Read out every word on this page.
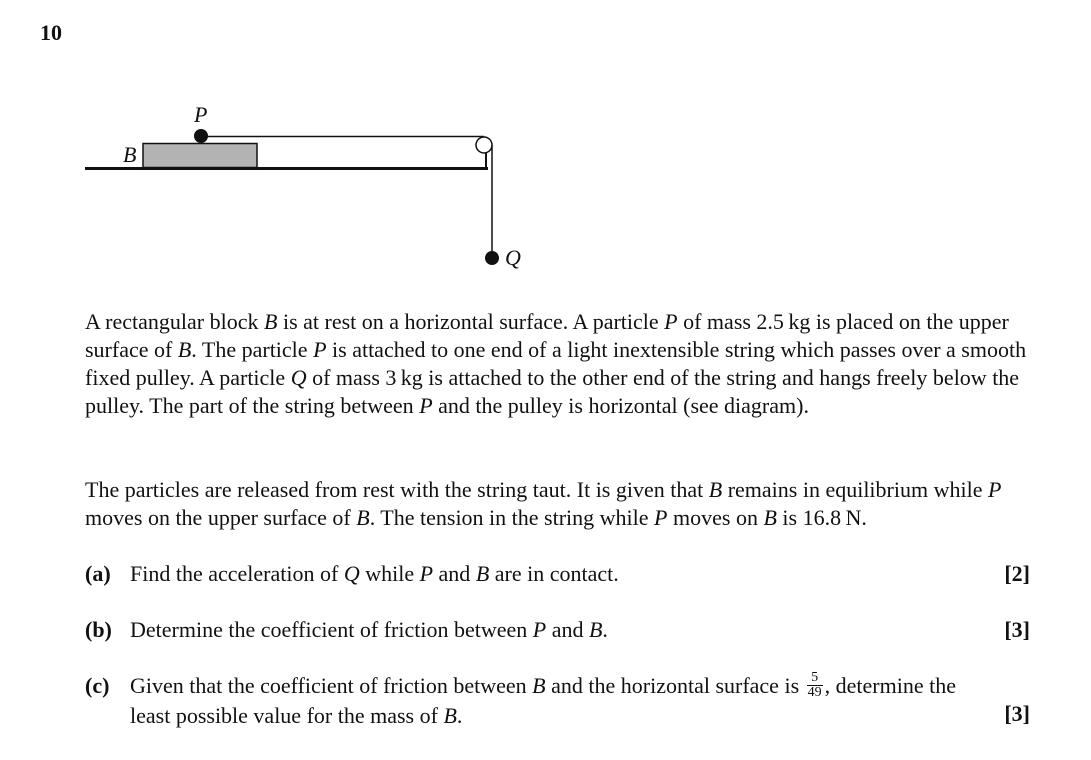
10
P
B
Q

A rectangular block B is at rest on a horizontal surface. A particle P of mass 2.5 kg is placed on the upper surface of B. The particle P is attached to one end of a light inextensible string which passes over a smooth fixed pulley. A particle Q of mass 3 kg is attached to the other end of the string and hangs freely below the pulley. The part of the string between P and the pulley is horizontal (see diagram).

The particles are released from rest with the string taut. It is given that B remains in equilibrium while P moves on the upper surface of B. The tension in the string while P moves on B is 16.8 N.

(a) Find the acceleration of Q while P and B are in contact.	[2]
(b) Determine the coefficient of friction between P and B.	[3]
(c) Given that the coefficient of friction between B and the horizontal surface is $\frac{5}{49}$ , determine the least possible value for the mass of B.	[3]
